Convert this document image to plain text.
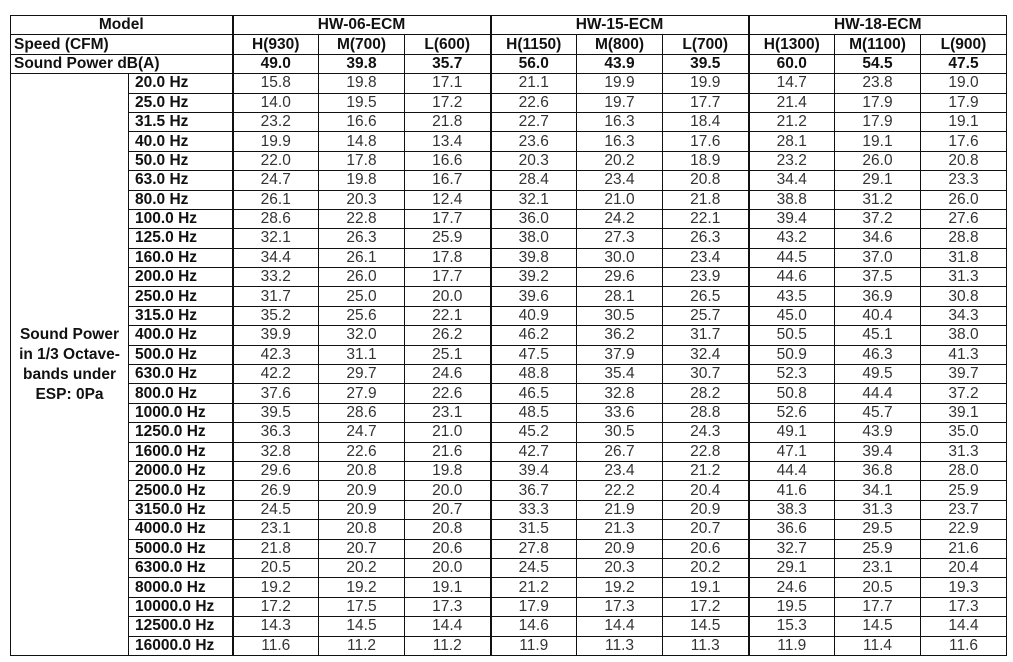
Model		HW-06-ECM			HW-15-ECM			HW-18-ECM		
Speed (CFM)		H(930)	M(700)	L(600)	H(1150)	M(800)	L(700)	H(1300)	M(1100)	L(900)
Sound Power dB(A)		49.0	39.8	35.7	56.0	43.9	39.5	60.0	54.5	47.5
Sound Power in 1/3 Octave-bands under ESP: 0Pa	20.0 Hz	15.8	19.8	17.1	21.1	19.9	19.9	14.7	23.8	19.0
	25.0 Hz	14.0	19.5	17.2	22.6	19.7	17.7	21.4	17.9	17.9
	31.5 Hz	23.2	16.6	21.8	22.7	16.3	18.4	21.2	17.9	19.1
	40.0 Hz	19.9	14.8	13.4	23.6	16.3	17.6	28.1	19.1	17.6
	50.0 Hz	22.0	17.8	16.6	20.3	20.2	18.9	23.2	26.0	20.8
	63.0 Hz	24.7	19.8	16.7	28.4	23.4	20.8	34.4	29.1	23.3
	80.0 Hz	26.1	20.3	12.4	32.1	21.0	21.8	38.8	31.2	26.0
	100.0 Hz	28.6	22.8	17.7	36.0	24.2	22.1	39.4	37.2	27.6
	125.0 Hz	32.1	26.3	25.9	38.0	27.3	26.3	43.2	34.6	28.8
	160.0 Hz	34.4	26.1	17.8	39.8	30.0	23.4	44.5	37.0	31.8
	200.0 Hz	33.2	26.0	17.7	39.2	29.6	23.9	44.6	37.5	31.3
	250.0 Hz	31.7	25.0	20.0	39.6	28.1	26.5	43.5	36.9	30.8
	315.0 Hz	35.2	25.6	22.1	40.9	30.5	25.7	45.0	40.4	34.3
	400.0 Hz	39.9	32.0	26.2	46.2	36.2	31.7	50.5	45.1	38.0
	500.0 Hz	42.3	31.1	25.1	47.5	37.9	32.4	50.9	46.3	41.3
	630.0 Hz	42.2	29.7	24.6	48.8	35.4	30.7	52.3	49.5	39.7
	800.0 Hz	37.6	27.9	22.6	46.5	32.8	28.2	50.8	44.4	37.2
	1000.0 Hz	39.5	28.6	23.1	48.5	33.6	28.8	52.6	45.7	39.1
	1250.0 Hz	36.3	24.7	21.0	45.2	30.5	24.3	49.1	43.9	35.0
	1600.0 Hz	32.8	22.6	21.6	42.7	26.7	22.8	47.1	39.4	31.3
	2000.0 Hz	29.6	20.8	19.8	39.4	23.4	21.2	44.4	36.8	28.0
	2500.0 Hz	26.9	20.9	20.0	36.7	22.2	20.4	41.6	34.1	25.9
	3150.0 Hz	24.5	20.9	20.7	33.3	21.9	20.9	38.3	31.3	23.7
	4000.0 Hz	23.1	20.8	20.8	31.5	21.3	20.7	36.6	29.5	22.9
	5000.0 Hz	21.8	20.7	20.6	27.8	20.9	20.6	32.7	25.9	21.6
	6300.0 Hz	20.5	20.2	20.0	24.5	20.3	20.2	29.1	23.1	20.4
	8000.0 Hz	19.2	19.2	19.1	21.2	19.2	19.1	24.6	20.5	19.3
	10000.0 Hz	17.2	17.5	17.3	17.9	17.3	17.2	19.5	17.7	17.3
	12500.0 Hz	14.3	14.5	14.4	14.6	14.4	14.5	15.3	14.5	14.4
	16000.0 Hz	11.6	11.2	11.2	11.9	11.3	11.3	11.9	11.4	11.6
